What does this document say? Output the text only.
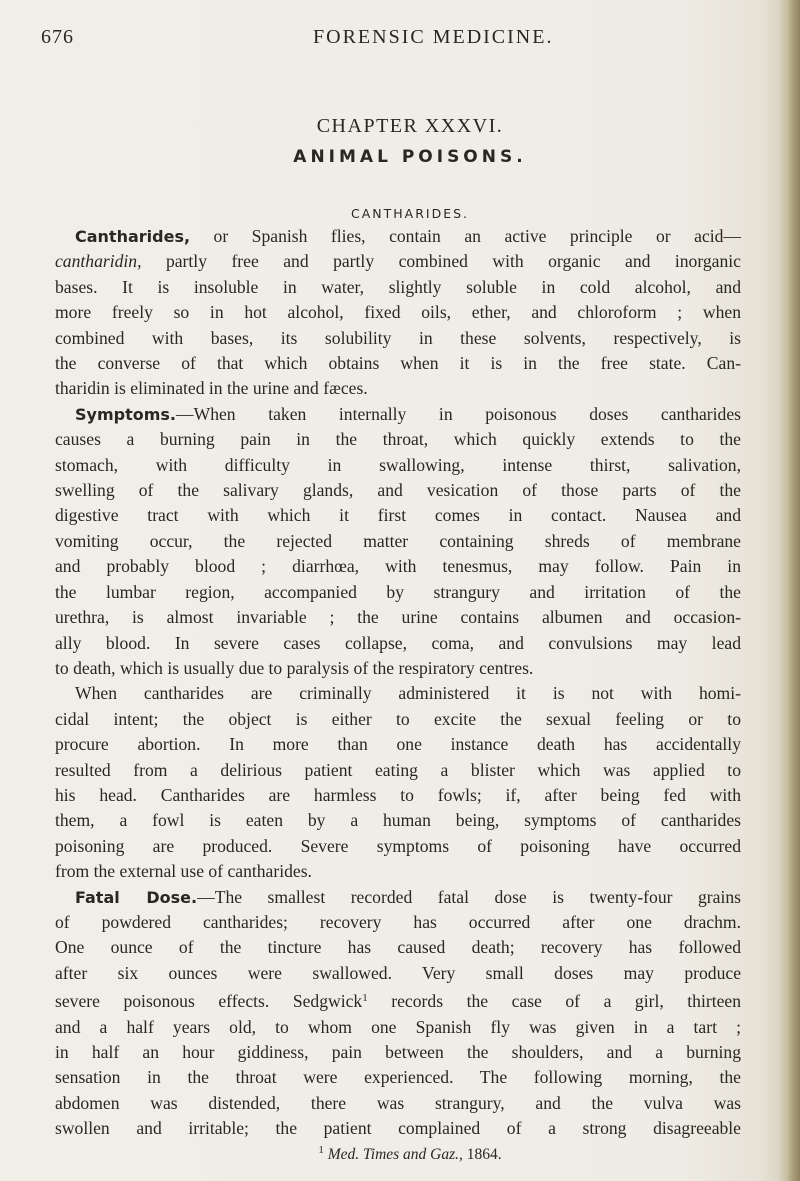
676	FORENSIC MEDICINE.
CHAPTER XXXVI.
ANIMAL POISONS.
CANTHARIDES.

Cantharides, or Spanish flies, contain an active principle or acid—
cantharidin, partly free and partly combined with organic and inorganic
bases. It is insoluble in water, slightly soluble in cold alcohol, and
more freely so in hot alcohol, fixed oils, ether, and chloroform ; when
combined with bases, its solubility in these solvents, respectively, is
the converse of that which obtains when it is in the free state. Can-
tharidin is eliminated in the urine and fæces.

Symptoms.—When taken internally in poisonous doses cantharides
causes a burning pain in the throat, which quickly extends to the
stomach, with difficulty in swallowing, intense thirst, salivation,
swelling of the salivary glands, and vesication of those parts of the
digestive tract with which it first comes in contact. Nausea and
vomiting occur, the rejected matter containing shreds of membrane
and probably blood ; diarrhœa, with tenesmus, may follow. Pain in
the lumbar region, accompanied by strangury and irritation of the
urethra, is almost invariable ; the urine contains albumen and occasion-
ally blood. In severe cases collapse, coma, and convulsions may lead
to death, which is usually due to paralysis of the respiratory centres.

When cantharides are criminally administered it is not with homi-
cidal intent; the object is either to excite the sexual feeling or to
procure abortion. In more than one instance death has accidentally
resulted from a delirious patient eating a blister which was applied to
his head. Cantharides are harmless to fowls; if, after being fed with
them, a fowl is eaten by a human being, symptoms of cantharides
poisoning are produced. Severe symptoms of poisoning have occurred
from the external use of cantharides.

Fatal Dose.—The smallest recorded fatal dose is twenty-four grains
of powdered cantharides; recovery has occurred after one drachm.
One ounce of the tincture has caused death; recovery has followed
after six ounces were swallowed. Very small doses may produce
severe poisonous effects. Sedgwick$^1$ records the case of a girl, thirteen
and a half years old, to whom one Spanish fly was given in a tart ;
in half an hour giddiness, pain between the shoulders, and a burning
sensation in the throat were experienced. The following morning, the
abdomen was distended, there was strangury, and the vulva was
swollen and irritable; the patient complained of a strong disagreeable

$^1$ Med. Times and Gaz., 1864.
